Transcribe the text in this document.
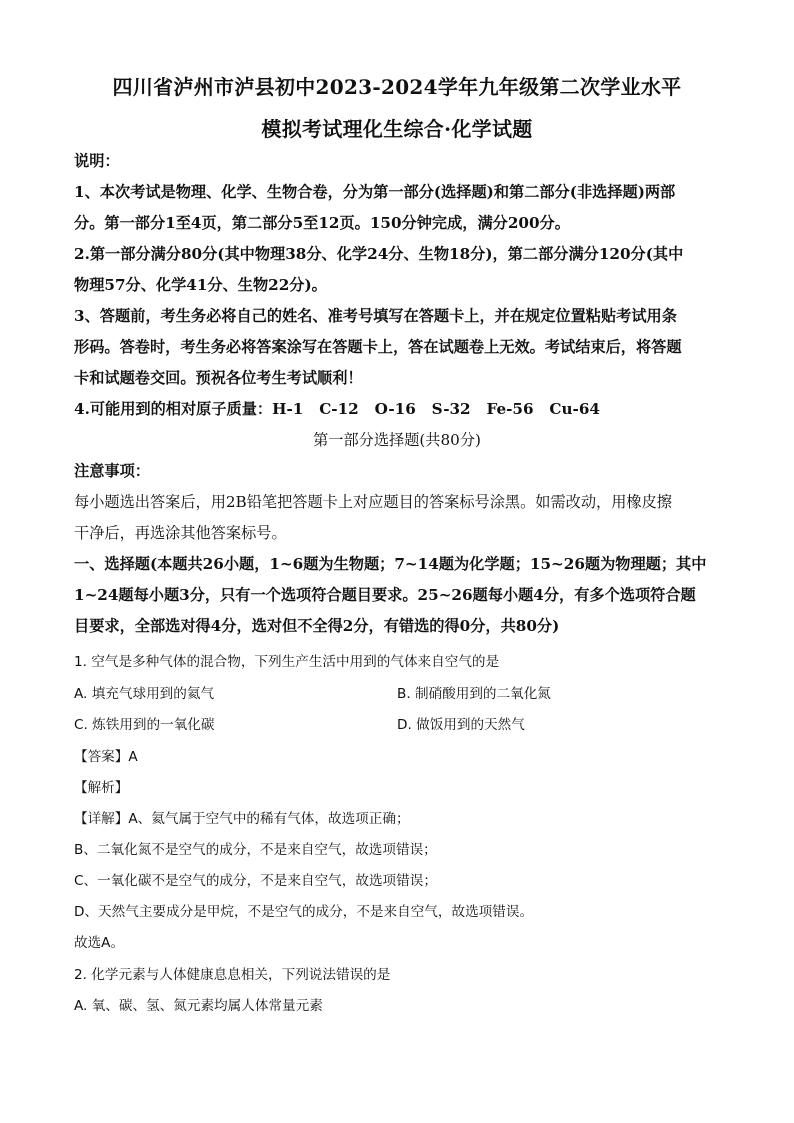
四川省泸州市泸县初中2023-2024学年九年级第二次学业水平
模拟考试理化生综合·化学试题
说明：
1、本次考试是物理、化学、生物合卷，分为第一部分(选择题)和第二部分(非选择题)两部
分。第一部分1至4页，第二部分5至12页。150分钟完成，满分200分。
2.第一部分满分80分(其中物理38分、化学24分、生物18分)，第二部分满分120分(其中
物理57分、化学41分、生物22分)。
3、答题前，考生务必将自己的姓名、准考号填写在答题卡上，并在规定位置粘贴考试用条
形码。答卷时，考生务必将答案涂写在答题卡上，答在试题卷上无效。考试结束后，将答题
卡和试题卷交回。预祝各位考生考试顺利！
4.可能用到的相对原子质量：H-1   C-12   O-16   S-32   Fe-56   Cu-64
第一部分选择题(共80分)
注意事项：
每小题选出答案后，用2B铅笔把答题卡上对应题目的答案标号涂黑。如需改动，用橡皮擦
干净后，再选涂其他答案标号。
一、选择题(本题共26小题，1~6题为生物题；7~14题为化学题；15~26题为物理题；其中
1~24题每小题3分，只有一个选项符合题目要求。25~26题每小题4分，有多个选项符合题
目要求，全部选对得4分，选对但不全得2分，有错选的得0分，共80分)
1. 空气是多种气体的混合物，下列生产生活中用到的气体来自空气的是
A. 填充气球用到的氦气	B. 制硝酸用到的二氧化氮
C. 炼铁用到的一氧化碳	D. 做饭用到的天然气
【答案】A
【解析】
【详解】A、氦气属于空气中的稀有气体，故选项正确；
B、二氧化氮不是空气的成分，不是来自空气，故选项错误；
C、一氧化碳不是空气的成分，不是来自空气，故选项错误；
D、天然气主要成分是甲烷，不是空气的成分，不是来自空气，故选项错误。
故选A。
2. 化学元素与人体健康息息相关，下列说法错误的是
A. 氧、碳、氢、氮元素均属人体常量元素
